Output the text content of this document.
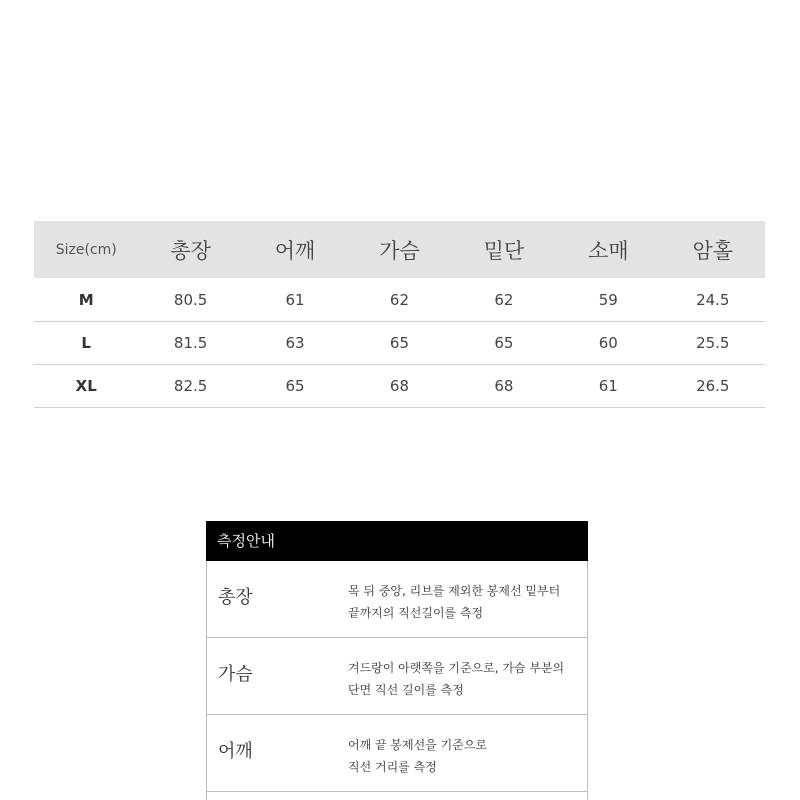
Size(cm)	총장	어깨	가슴	밑단	소매	암홀
M	80.5	61	62	62	59	24.5
L	81.5	63	65	65	60	25.5
XL	82.5	65	68	68	61	26.5
측정안내
총장	목 뒤 중앙, 리브를 제외한 봉제선 밑부터
끝까지의 직선길이를 측정
가슴	겨드랑이 아랫쪽을 기준으로, 가슴 부분의
단면 직선 길이를 측정
어깨	어깨 끝 봉제선을 기준으로
직선 거리를 측정
